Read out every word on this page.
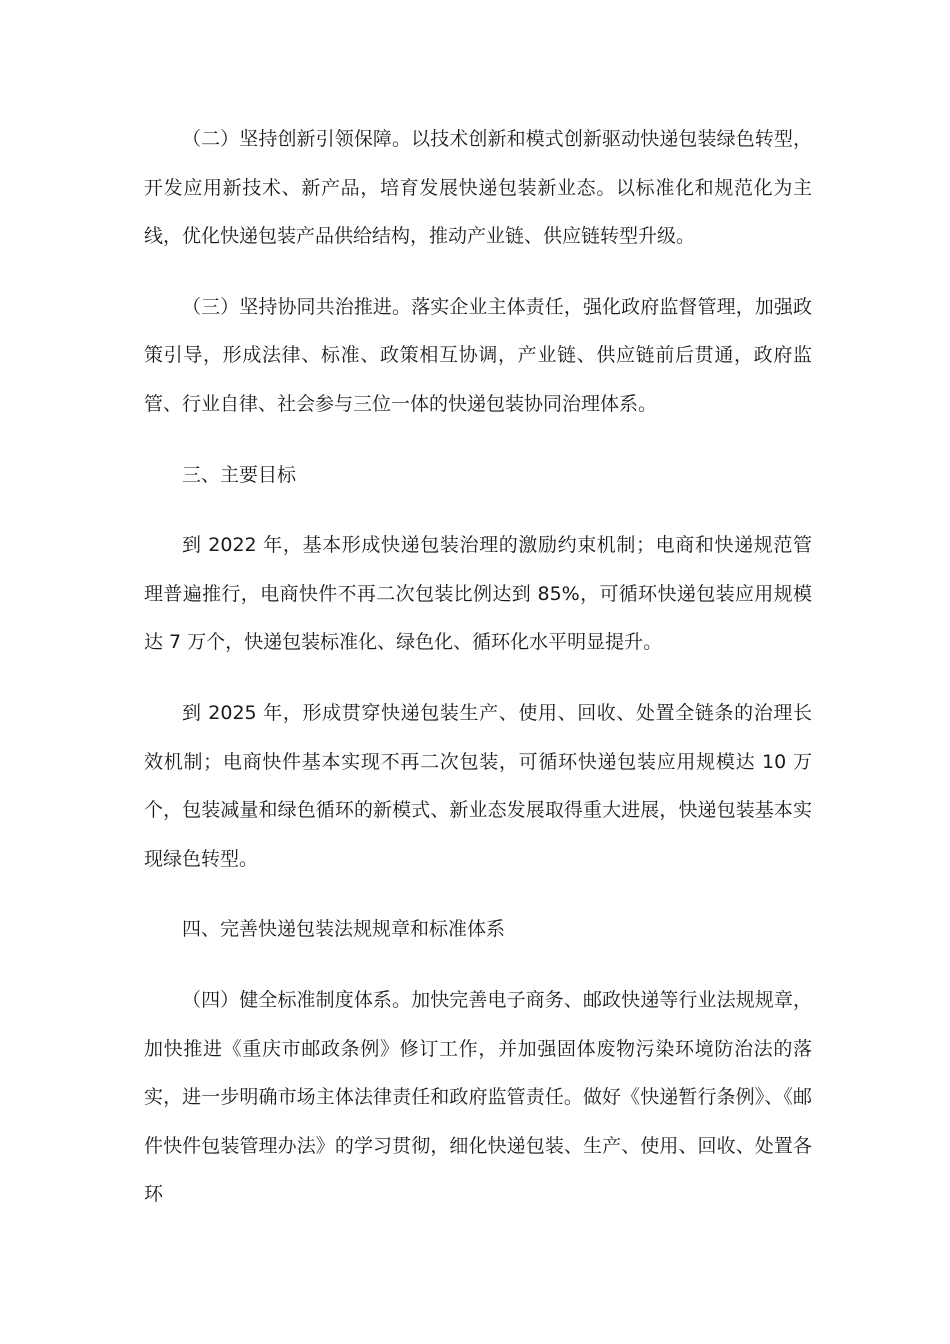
（二）坚持创新引领保障。以技术创新和模式创新驱动快递包装绿色转型，开发应用新技术、新产品，培育发展快递包装新业态。以标准化和规范化为主线，优化快递包装产品供给结构，推动产业链、供应链转型升级。

（三）坚持协同共治推进。落实企业主体责任，强化政府监督管理，加强政策引导，形成法律、标准、政策相互协调，产业链、供应链前后贯通，政府监管、行业自律、社会参与三位一体的快递包装协同治理体系。

三、主要目标

到 2022 年，基本形成快递包装治理的激励约束机制；电商和快递规范管理普遍推行，电商快件不再二次包装比例达到 85%，可循环快递包装应用规模达 7 万个，快递包装标准化、绿色化、循环化水平明显提升。

到 2025 年，形成贯穿快递包装生产、使用、回收、处置全链条的治理长效机制；电商快件基本实现不再二次包装，可循环快递包装应用规模达 10 万个，包装减量和绿色循环的新模式、新业态发展取得重大进展，快递包装基本实现绿色转型。

四、完善快递包装法规规章和标准体系

（四）健全标准制度体系。加快完善电子商务、邮政快递等行业法规规章，加快推进《重庆市邮政条例》修订工作，并加强固体废物污染环境防治法的落实，进一步明确市场主体法律责任和政府监管责任。做好《快递暂行条例》、《邮件快件包装管理办法》的学习贯彻，细化快递包装、生产、使用、回收、处置各环
